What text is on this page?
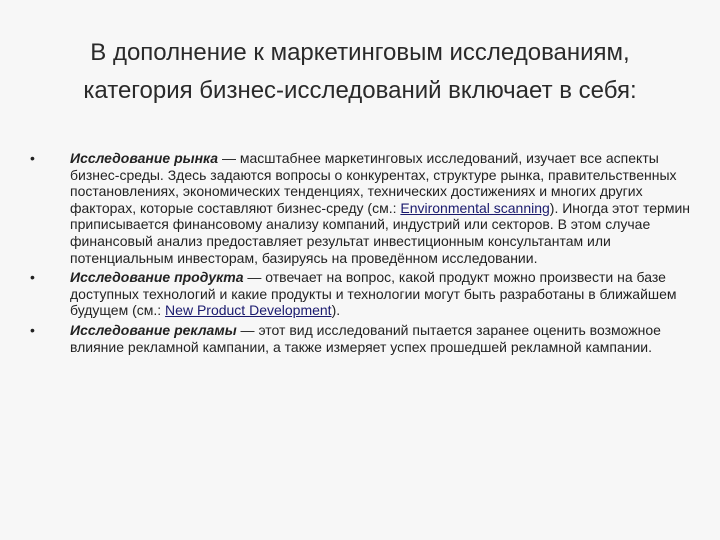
В дополнение к маркетинговым исследованиям,
категория бизнес-исследований включает в себя:
•	Исследование рынка — масштабнее маркетинговых исследований, изучает все аспекты бизнес-среды. Здесь задаются вопросы о конкурентах, структуре рынка, правительственных постановлениях, экономических тенденциях, технических достижениях и многих других факторах, которые составляют бизнес-среду (см.: Environmental scanning). Иногда этот термин приписывается финансовому анализу компаний, индустрий или секторов. В этом случае финансовый анализ предоставляет результат инвестиционным консультантам или потенциальным инвесторам, базируясь на проведённом исследовании.
•	Исследование продукта — отвечает на вопрос, какой продукт можно произвести на базе доступных технологий и какие продукты и технологии могут быть разработаны в ближайшем будущем (см.: New Product Development).
•	Исследование рекламы — этот вид исследований пытается заранее оценить возможное влияние рекламной кампании, а также измеряет успех прошедшей рекламной кампании.
